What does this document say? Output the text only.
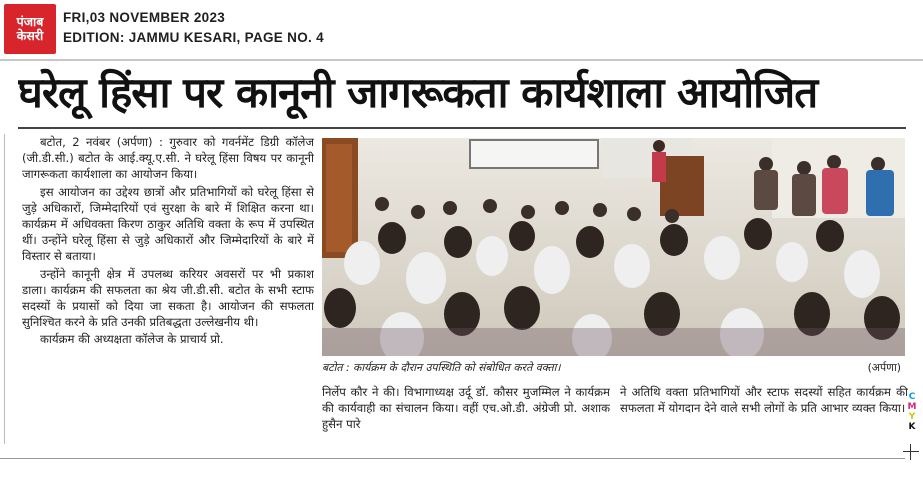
पंजाब
केसरी
FRI,03 NOVEMBER 2023
EDITION: JAMMU KESARI, PAGE NO. 4
घरेलू हिंसा पर कानूनी जागरूकता कार्यशाला आयोजित

बटोत, 2 नवंबर (अर्पणा) : गुरुवार को गवर्नमेंट डिग्री कॉलेज (जी.डी.सी.) बटोत के आई.क्यू.ए.सी. ने घरेलू हिंसा विषय पर कानूनी जागरूकता कार्यशाला का आयोजन किया।

इस आयोजन का उद्देश्य छात्रों और प्रतिभागियों को घरेलू हिंसा से जुड़े अधिकारों, जिम्मेदारियों एवं सुरक्षा के बारे में शिक्षित करना था। कार्यक्रम में अधिवक्ता किरण ठाकुर अतिथि वक्ता के रूप में उपस्थित थीं। उन्होंने घरेलू हिंसा से जुड़े अधिकारों और जिम्मेदारियों के बारे में विस्तार से बताया।

उन्होंने कानूनी क्षेत्र में उपलब्ध करियर अवसरों पर भी प्रकाश डाला। कार्यक्रम की सफलता का श्रेय जी.डी.सी. बटोत के सभी स्टाफ सदस्यों के प्रयासों को दिया जा सकता है। आयोजन की सफलता सुनिश्चित करने के प्रति उनकी प्रतिबद्धता उल्लेखनीय थी।

कार्यक्रम की अध्यक्षता कॉलेज के प्राचार्य प्रो.

बटोत : कार्यक्रम के दौरान उपस्थिति को संबोधित करते वक्ता।	(अर्पणा)

निर्लेप कौर ने की। विभागाध्यक्ष उर्दू डॉ. कौसर मुजम्मिल ने कार्यक्रम की कार्यवाही का संचालन किया। वहीं एच.ओ.डी. अंग्रेजी प्रो. अशाक हुसैन पारे

ने अतिथि वक्ता प्रतिभागियों और स्टाफ सदस्यों सहित कार्यक्रम की सफलता में योगदान देने वाले सभी लोगों के प्रति आभार व्यक्त किया।

C
M
Y
K
